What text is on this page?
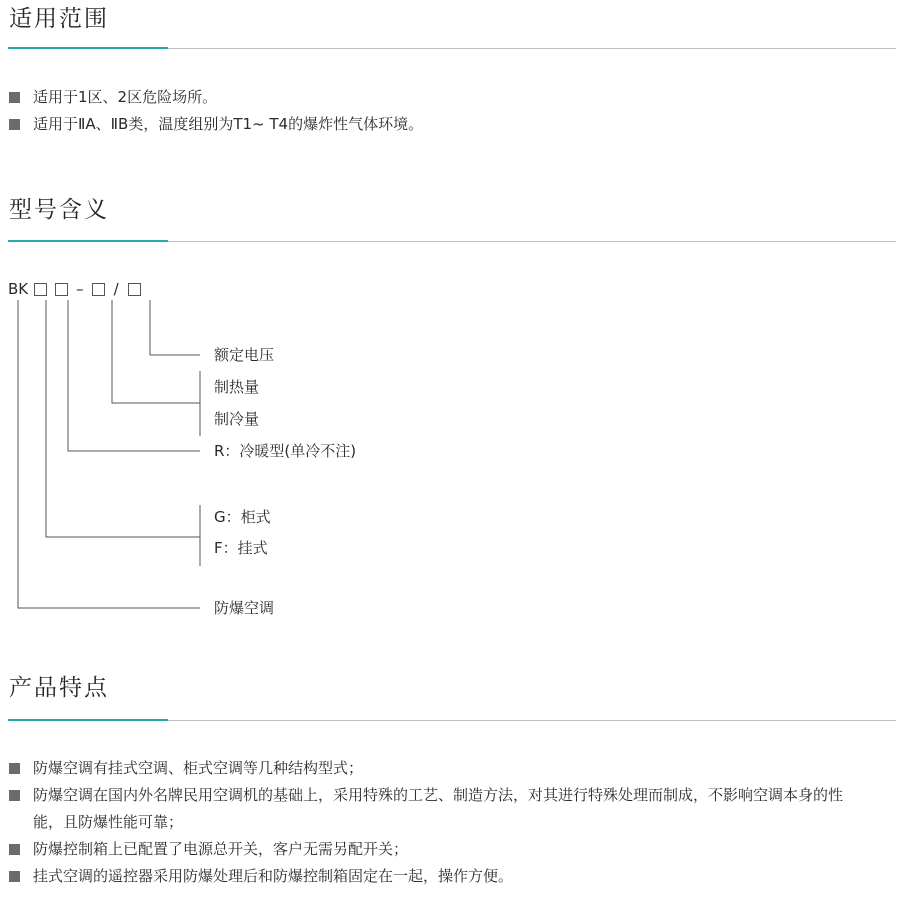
适用范围
适用于1区、2区危险场所。
适用于ⅡA、ⅡB类，温度组别为T1~ T4的爆炸性气体环境。
型号含义
BK	– /
额定电压
制热量
制冷量
R：冷暖型(单冷不注)
G：柜式
F：挂式
防爆空调
产品特点
防爆空调有挂式空调、柜式空调等几种结构型式；
防爆空调在国内外名牌民用空调机的基础上，采用特殊的工艺、制造方法，对其进行特殊处理而制成，不影响空调本身的性能，且防爆性能可靠；
防爆控制箱上已配置了电源总开关，客户无需另配开关；
挂式空调的遥控器采用防爆处理后和防爆控制箱固定在一起，操作方便。
